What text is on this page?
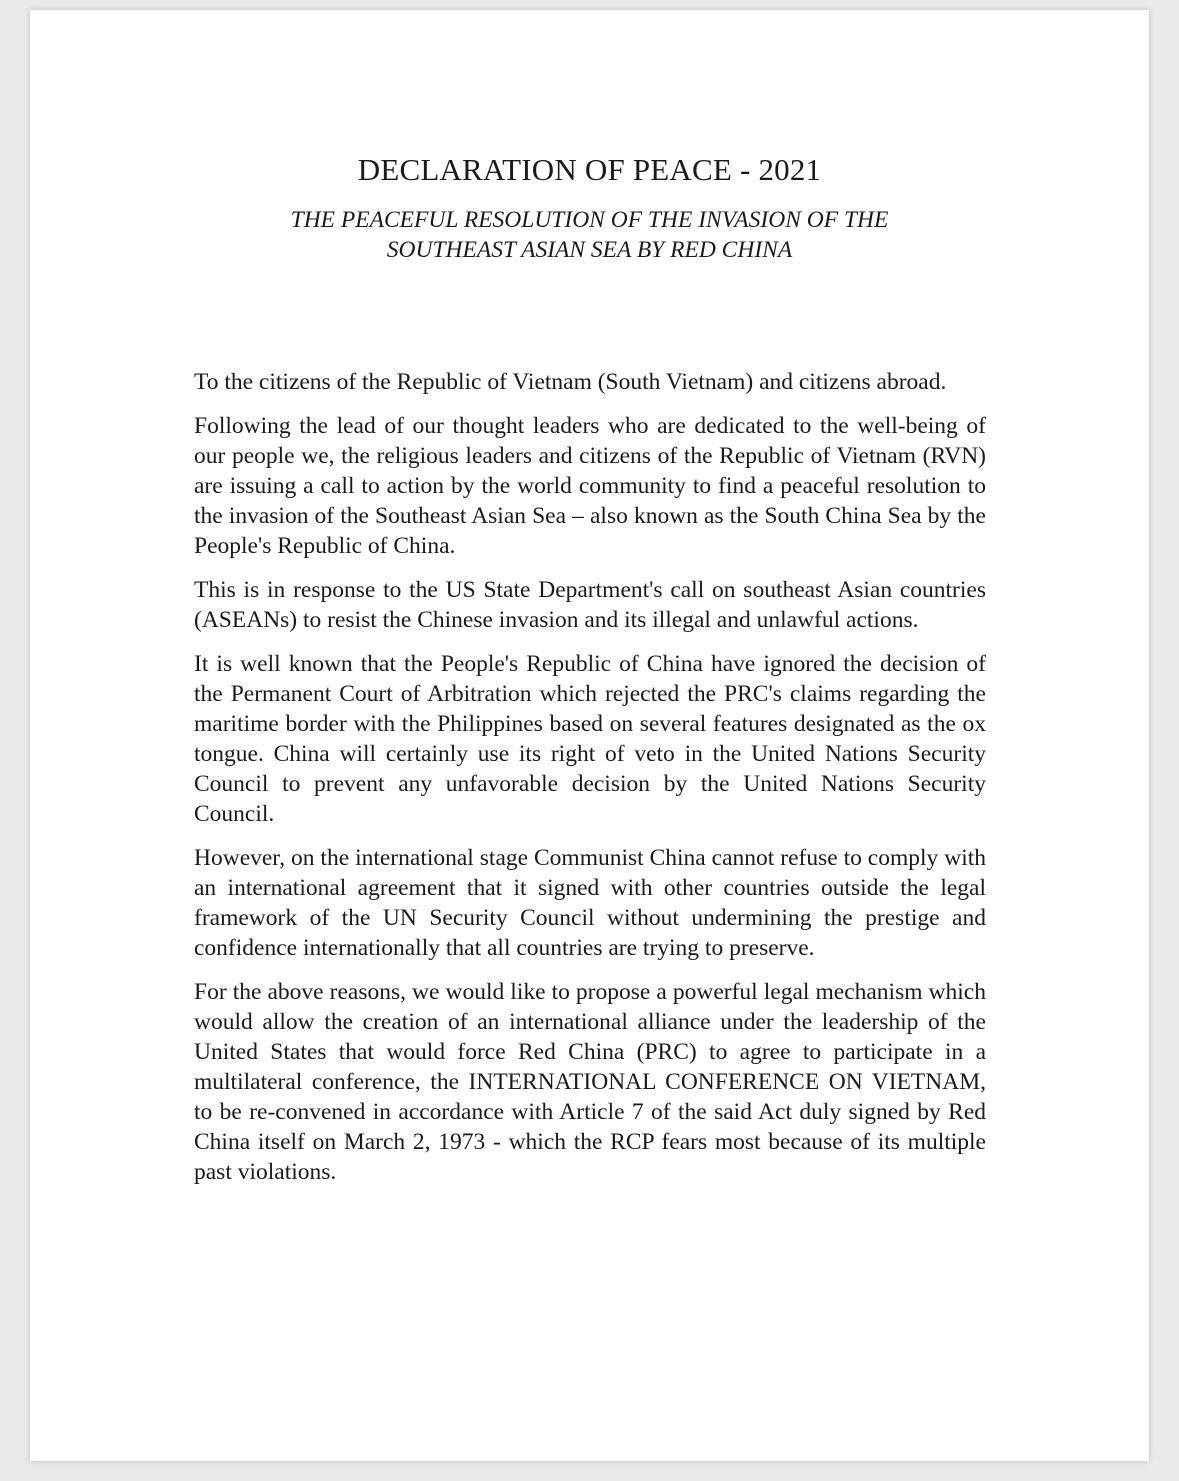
DECLARATION OF PEACE - 2021
THE PEACEFUL RESOLUTION OF THE INVASION OF THE
SOUTHEAST ASIAN SEA BY RED CHINA

To the citizens of the Republic of Vietnam (South Vietnam) and citizens abroad.

Following the lead of our thought leaders who are dedicated to the well-being of our people we, the religious leaders and citizens of the Republic of Vietnam (RVN) are issuing a call to action by the world community to find a peaceful resolution to the invasion of the Southeast Asian Sea – also known as the South China Sea by the People's Republic of China.

This is in response to the US State Department's call on southeast Asian countries (ASEANs) to resist the Chinese invasion and its illegal and unlawful actions.

It is well known that the People's Republic of China have ignored the decision of the Permanent Court of Arbitration which rejected the PRC's claims regarding the maritime border with the Philippines based on several features designated as the ox tongue. China will certainly use its right of veto in the United Nations Security Council to prevent any unfavorable decision by the United Nations Security Council.

However, on the international stage Communist China cannot refuse to comply with an international agreement that it signed with other countries outside the legal framework of the UN Security Council without undermining the prestige and confidence internationally that all countries are trying to preserve.

For the above reasons, we would like to propose a powerful legal mechanism which would allow the creation of an international alliance under the leadership of the United States that would force Red China (PRC) to agree to participate in a multilateral conference, the INTERNATIONAL CONFERENCE ON VIETNAM, to be re-convened in accordance with Article 7 of the said Act duly signed by Red China itself on March 2, 1973 - which the RCP fears most because of its multiple past violations.
